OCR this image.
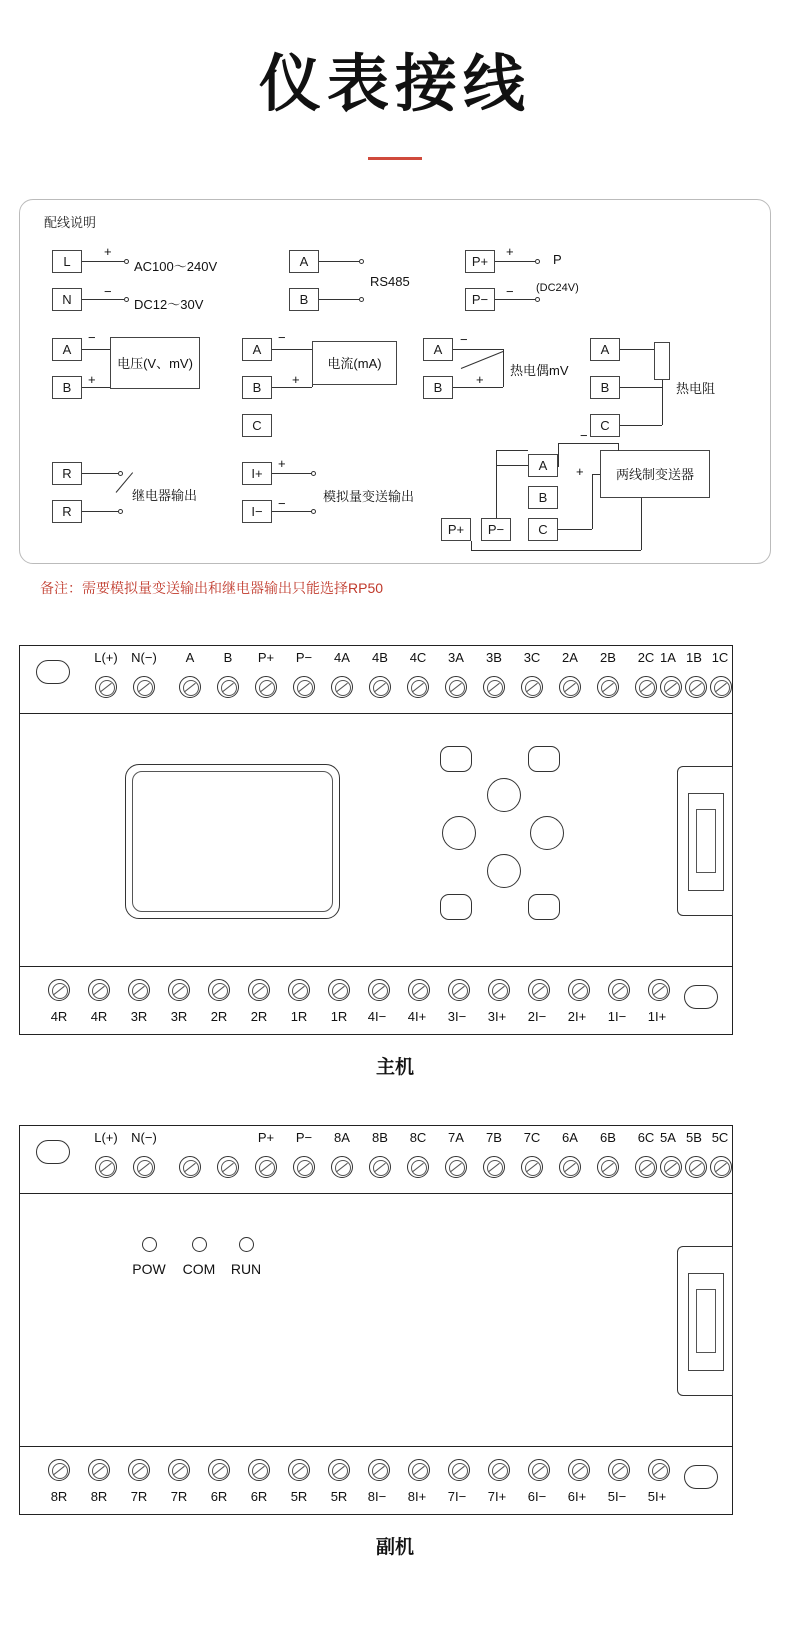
仪表接线
配线说明
L
N
+
−
AC100～240V
DC12～30V
A
B
RS485
P+
P−
+
−
P
(DC24V)
A
B
−
+
电压(V、mV)
A
B
C
−
+
电流(mA)
A
B
−
+
热电偶mV
A
B
C
热电阻
R
R
继电器输出
I+
I−
+
−	模拟量变送输出
A
B
C
P+	P−
两线制变送器
−
+
备注：需要模拟量变送输出和继电器输出只能选择RP50
L(+)	N(−)	A	B	P+	P−	4A	4B	4C	3A	3B	3C	2A	2B	2C 1A 1B 1C
4R	4R	3R	3R	2R	2R	1R	1R	4I−	4I+	3I−	3I+	2I−	2I+	1I−	1I+
主机
L(+)	N(−)	P+	P−	8A	8B	8C	7A	7B	7C	6A	6B	6C 5A 5B 5C
POW	COM	RUN
8R	8R	7R	7R	6R	6R	5R	5R	8I−	8I+	7I−	7I+	6I−	6I+	5I−	5I+
副机
